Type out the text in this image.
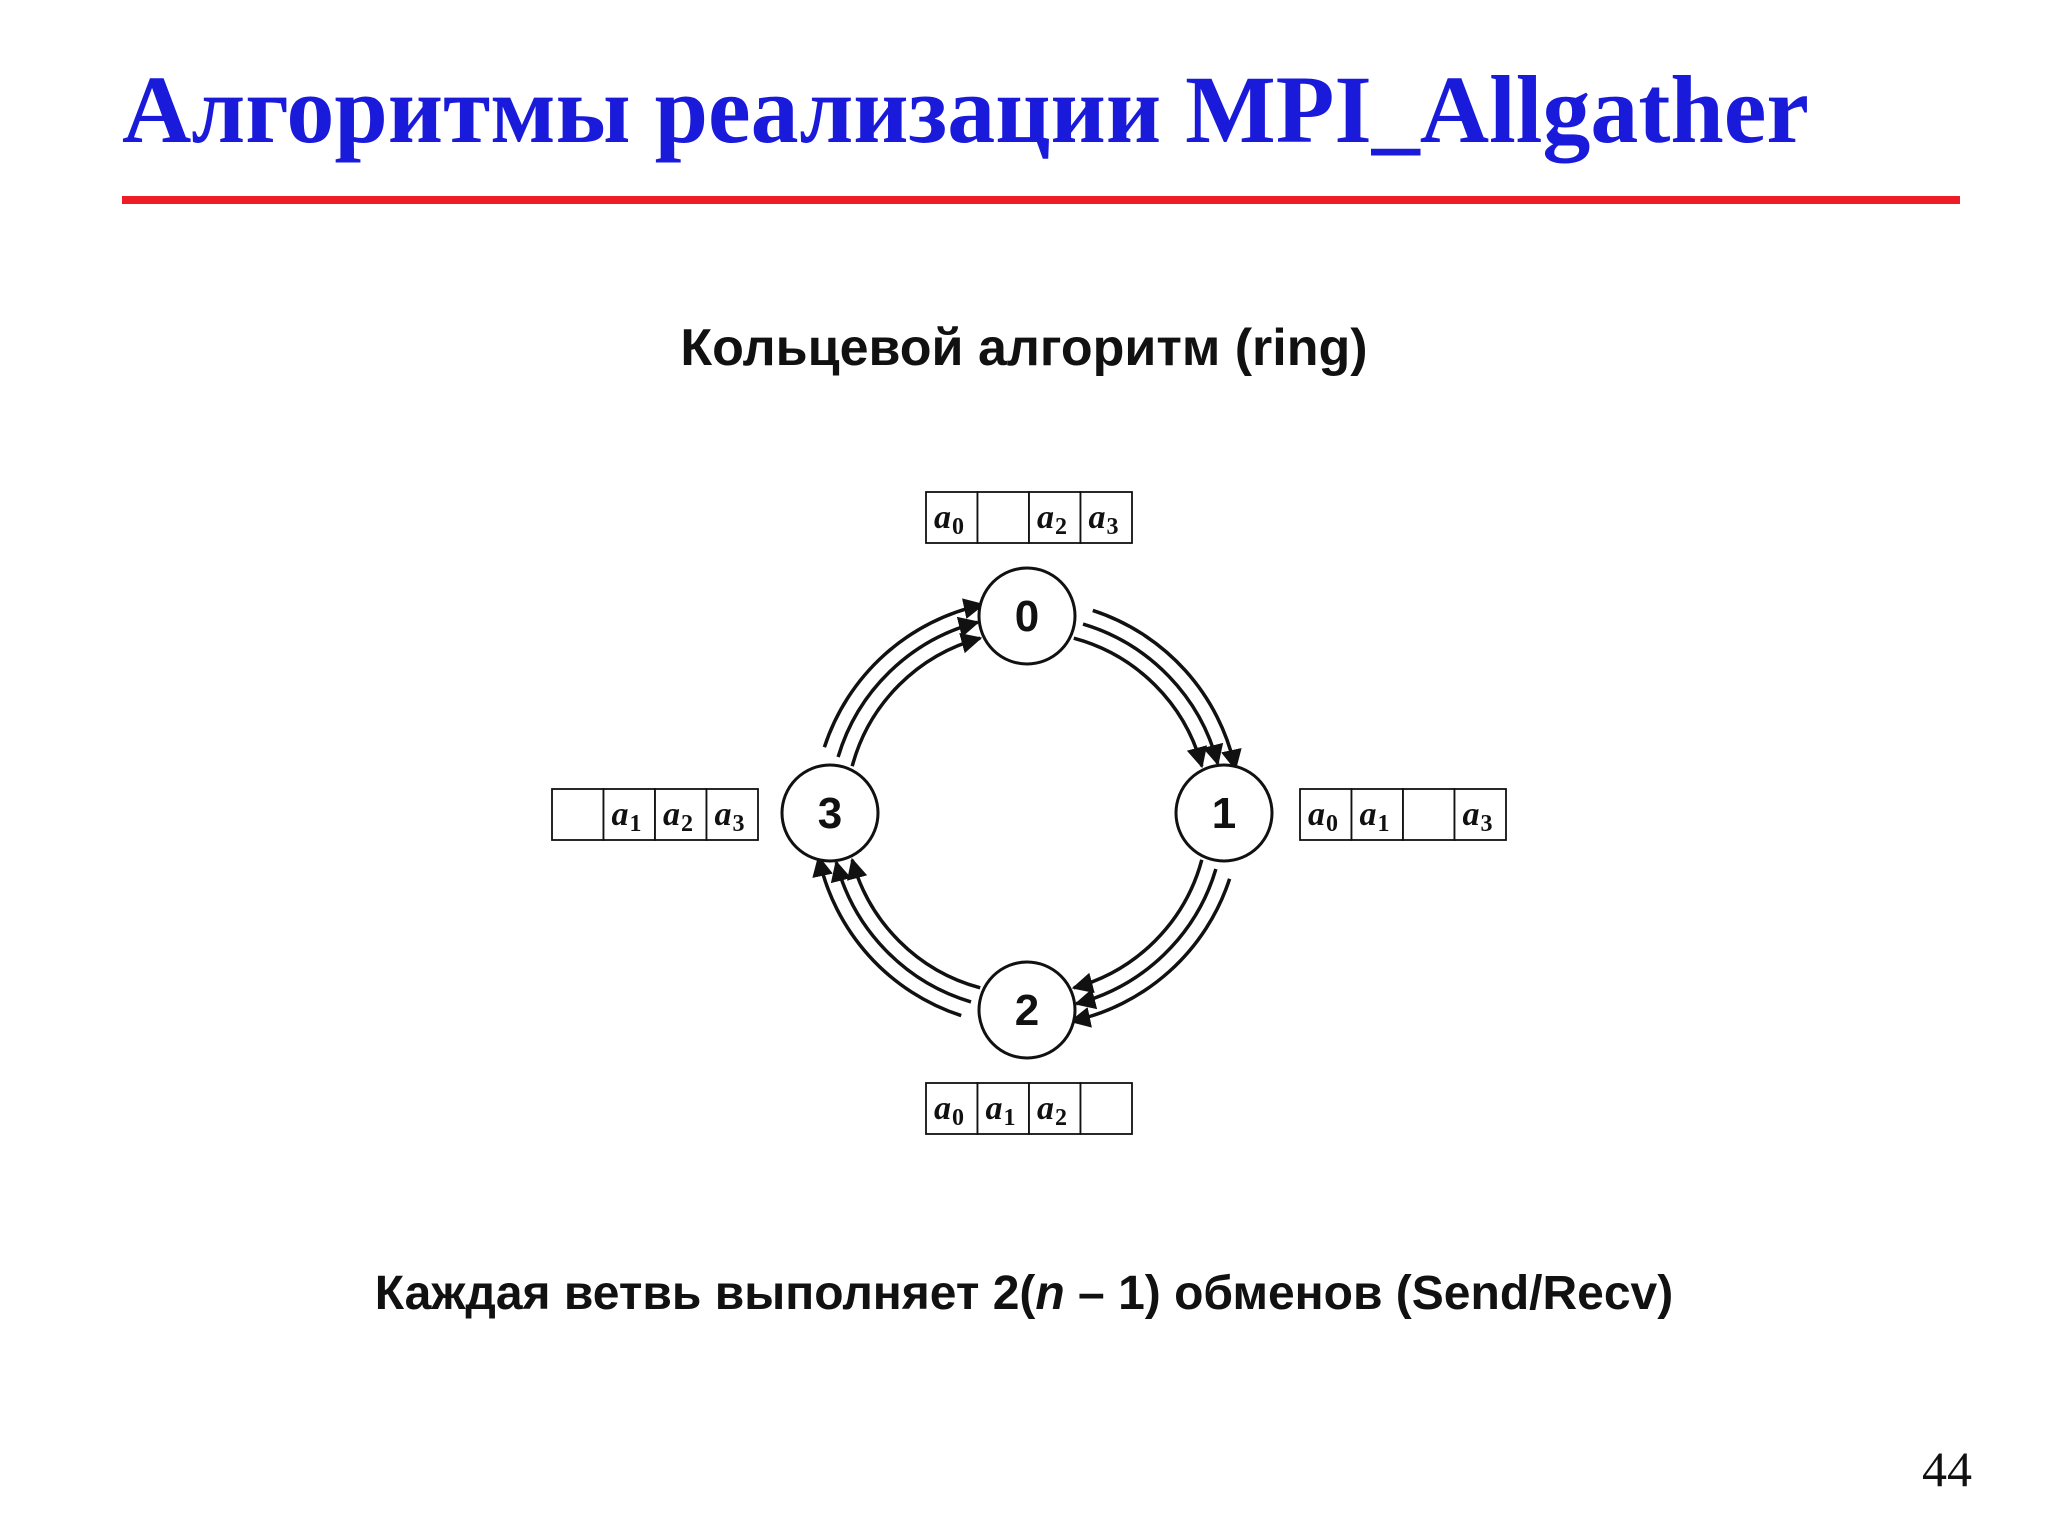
Алгоритмы реализации MPI_Allgather
Кольцевой алгоритм (ring)
0
1
2
3
a0 a2 a3
a0 a1 a3
a0 a1 a2
a1 a2 a3
Каждая ветвь выполняет 2(n – 1) обменов (Send/Recv)
44
